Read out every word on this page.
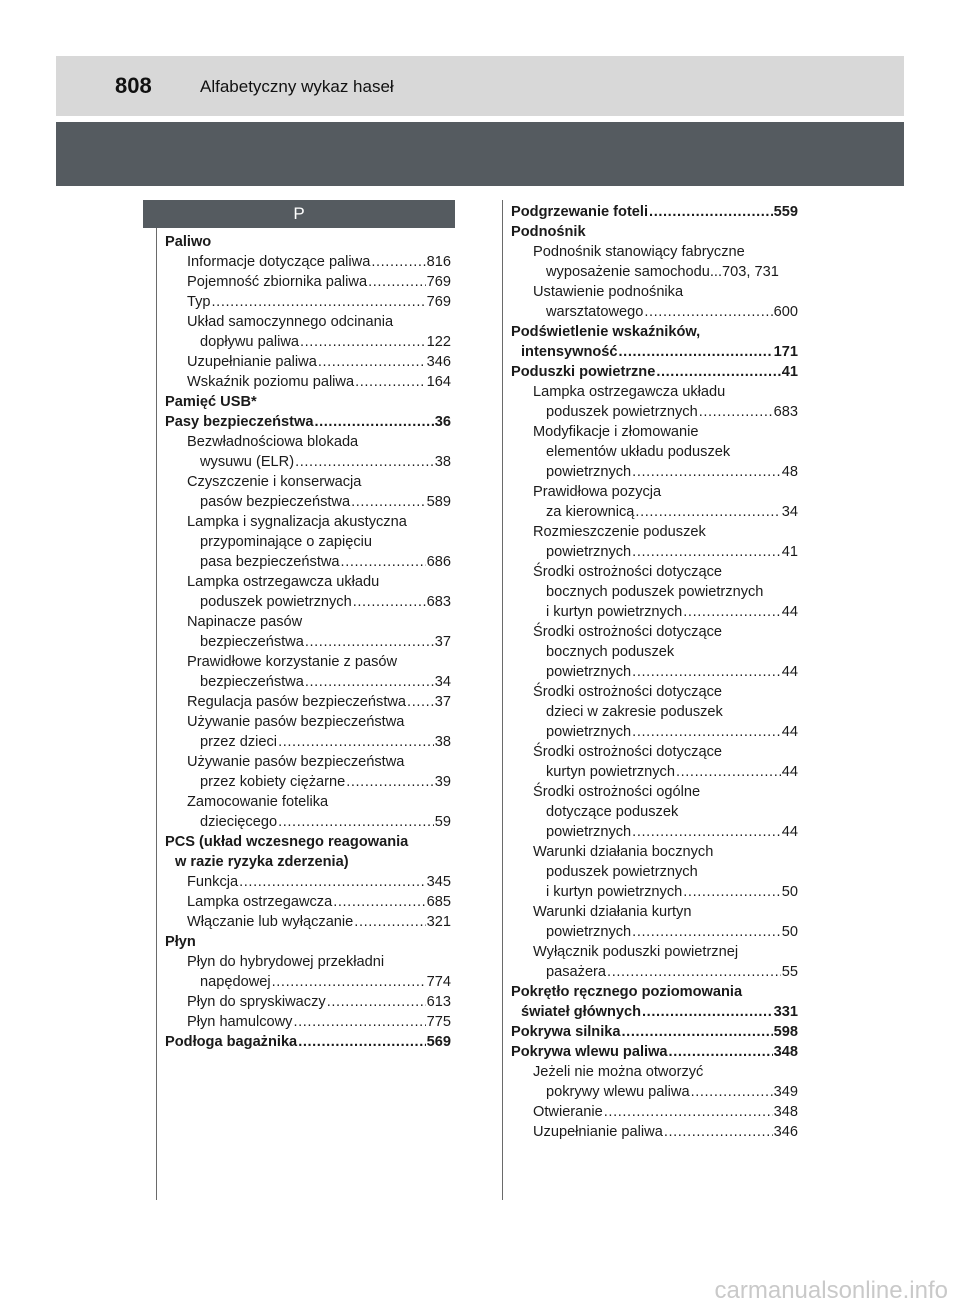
808	Alfabetyczny wykaz haseł
P
Paliwo
Informacje dotyczące paliwa .....	816
Pojemność zbiornika paliwa .....	769
Typ .....	769
Układ samoczynnego odcinania
dopływu paliwa .....	122
Uzupełnianie paliwa .....	346
Wskaźnik poziomu paliwa .....	164
Pamięć USB*
Pasy bezpieczeństwa .....	36
Bezwładnościowa blokada
wysuwu (ELR) .....	38
Czyszczenie i konserwacja
pasów bezpieczeństwa .....	589
Lampka i sygnalizacja akustyczna
przypominające o zapięciu
pasa bezpieczeństwa .....	686
Lampka ostrzegawcza układu
poduszek powietrznych .....	683
Napinacze pasów
bezpieczeństwa .....	37
Prawidłowe korzystanie z pasów
bezpieczeństwa .....	34
Regulacja pasów bezpieczeństwa ..... 37
Używanie pasów bezpieczeństwa
przez dzieci .....	38
Używanie pasów bezpieczeństwa
przez kobiety ciężarne .....	39
Zamocowanie fotelika
dziecięcego .....	59
PCS (układ wczesnego reagowania
w razie ryzyka zderzenia)
Funkcja .....	345
Lampka ostrzegawcza .....	685
Włączanie lub wyłączanie .....	321
Płyn
Płyn do hybrydowej przekładni
napędowej .....	774
Płyn do spryskiwaczy .....	613
Płyn hamulcowy .....	775
Podłoga bagażnika .....	569
Podgrzewanie foteli .....	559
Podnośnik
Podnośnik stanowiący fabryczne
wyposażenie samochodu...703, 731
Ustawienie podnośnika
warsztatowego .....	600
Podświetlenie wskaźników,
intensywność .....	171
Poduszki powietrzne .....	41
Lampka ostrzegawcza układu
poduszek powietrznych .....	683
Modyfikacje i złomowanie
elementów układu poduszek
powietrznych .....	48
Prawidłowa pozycja
za kierownicą .....	34
Rozmieszczenie poduszek
powietrznych .....	41
Środki ostrożności dotyczące
bocznych poduszek powietrznych
i kurtyn powietrznych .....	44
Środki ostrożności dotyczące
bocznych poduszek
powietrznych .....	44
Środki ostrożności dotyczące
dzieci w zakresie poduszek
powietrznych .....	44
Środki ostrożności dotyczące
kurtyn powietrznych .....	44
Środki ostrożności ogólne
dotyczące poduszek
powietrznych .....	44
Warunki działania bocznych
poduszek powietrznych
i kurtyn powietrznych .....	50
Warunki działania kurtyn
powietrznych .....	50
Wyłącznik poduszki powietrznej
pasażera .....	55
Pokrętło ręcznego poziomowania
świateł głównych .....	331
Pokrywa silnika .....	598
Pokrywa wlewu paliwa .....	348
Jeżeli nie można otworzyć
pokrywy wlewu paliwa .....	349
Otwieranie .....	348
Uzupełnianie paliwa .....	346
carmanualsonline.info
